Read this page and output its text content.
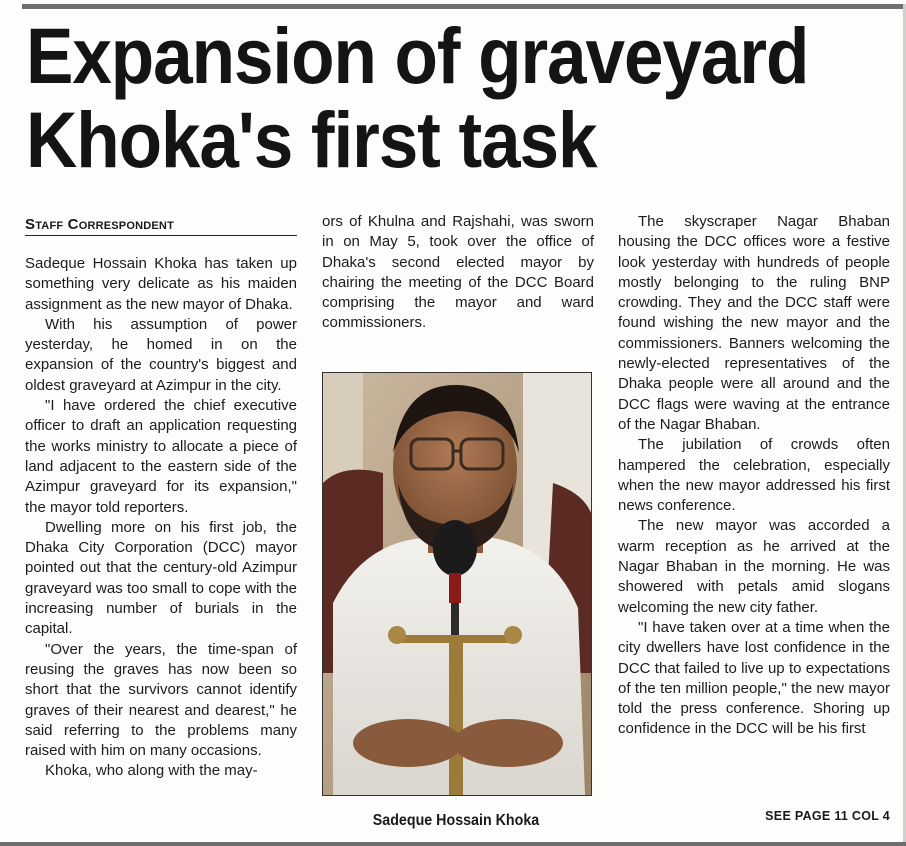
Expansion of graveyard
Khoka's first task
Staff Correspondent

Sadeque Hossain Khoka has taken up something very delicate as his maiden assignment as the new mayor of Dhaka.

With his assumption of power yesterday, he homed in on the expansion of the country's biggest and oldest graveyard at Azimpur in the city.

"I have ordered the chief executive officer to draft an application requesting the works ministry to allocate a piece of land adjacent to the eastern side of the Azimpur graveyard for its expansion," the mayor told reporters.

Dwelling more on his first job, the Dhaka City Corporation (DCC) mayor pointed out that the century-old Azimpur graveyard was too small to cope with the increasing number of burials in the capital.

"Over the years, the time-span of reusing the graves has now been so short that the survivors cannot identify graves of their nearest and dearest," he said referring to the problems many raised with him on many occasions.

Khoka, who along with the may-

ors of Khulna and Rajshahi, was sworn in on May 5, took over the office of Dhaka's second elected mayor by chairing the meeting of the DCC Board comprising the mayor and ward commissioners.

Sadeque Hossain Khoka

The skyscraper Nagar Bhaban housing the DCC offices wore a festive look yesterday with hundreds of people mostly belonging to the ruling BNP crowding. They and the DCC staff were found wishing the new mayor and the commissioners. Banners welcoming the newly-elected representatives of the Dhaka people were all around and the DCC flags were waving at the entrance of the Nagar Bhaban.

The jubilation of crowds often hampered the celebration, especially when the new mayor addressed his first news conference.

The new mayor was accorded a warm reception as he arrived at the Nagar Bhaban in the morning. He was showered with petals amid slogans welcoming the new city father.

"I have taken over at a time when the city dwellers have lost confidence in the DCC that failed to live up to expectations of the ten million people," the new mayor told the press conference. Shoring up confidence in the DCC will be his first

SEE PAGE 11 COL 4
